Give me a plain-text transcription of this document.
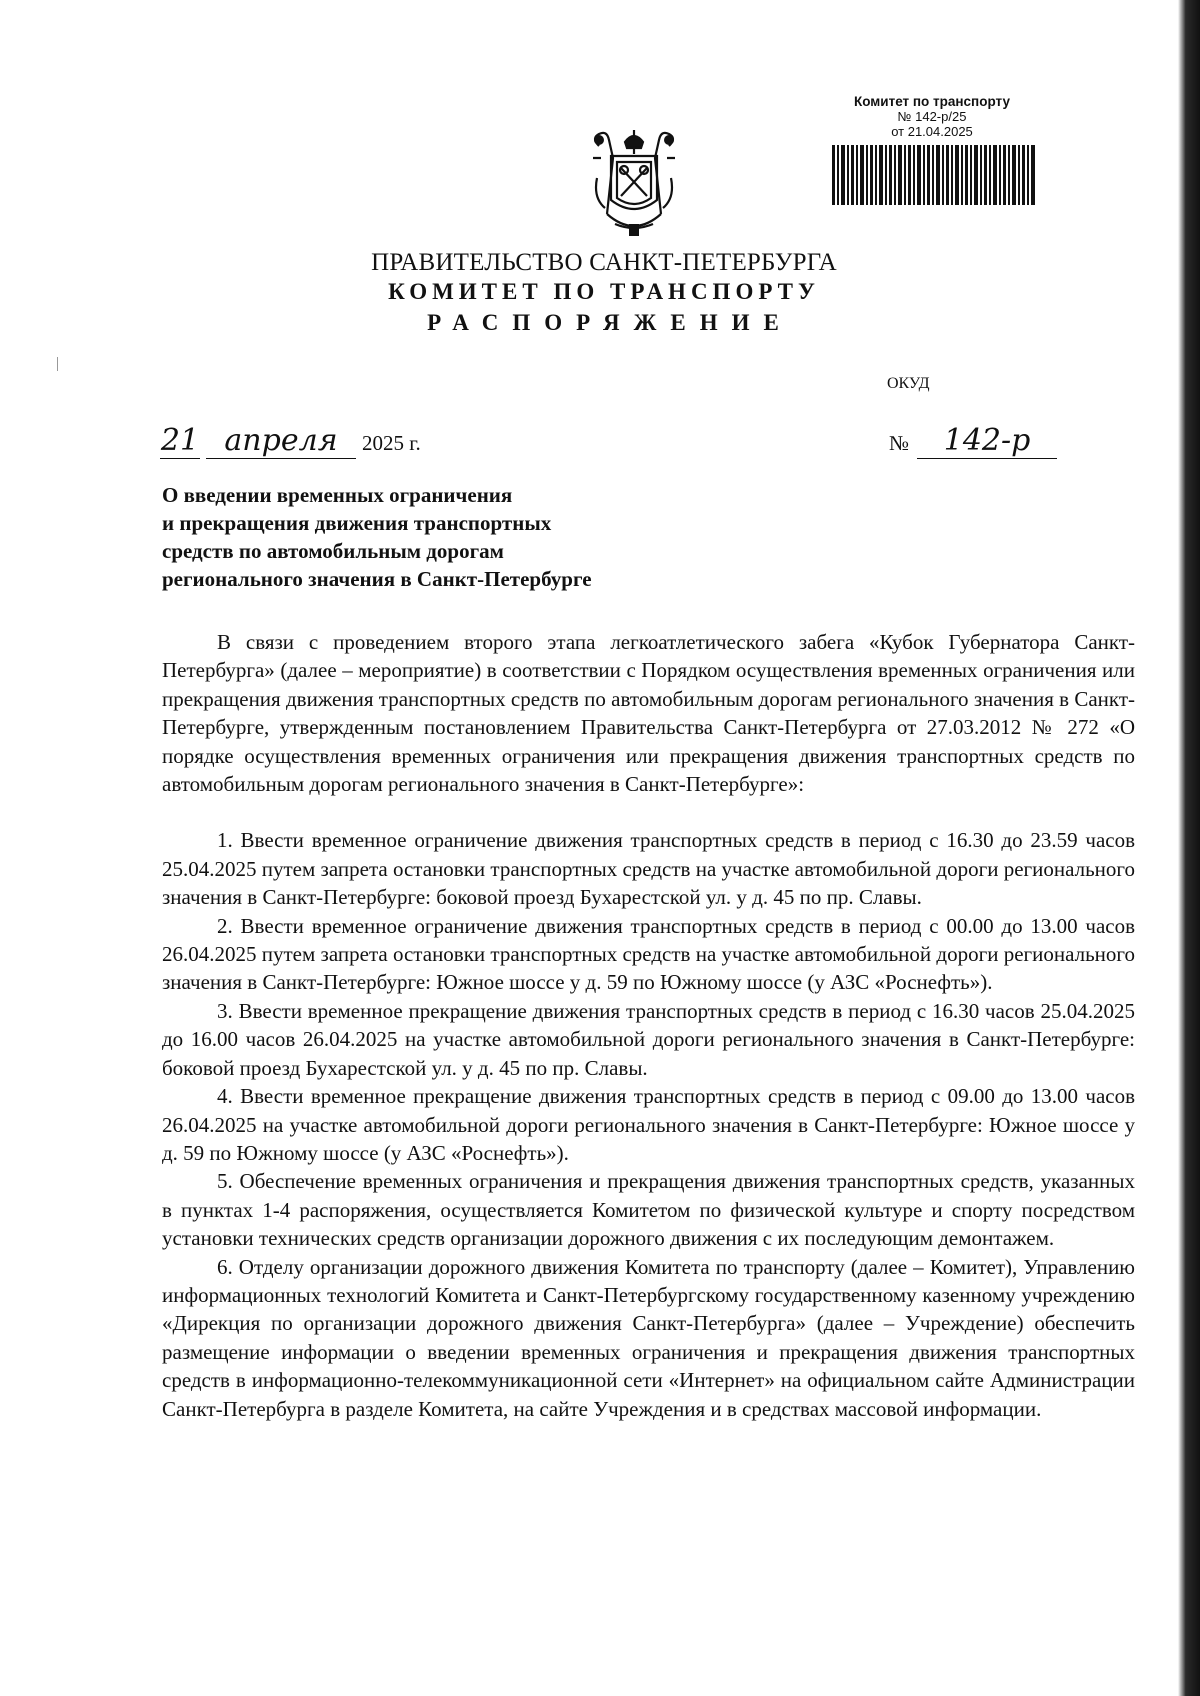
Комитет по транспорту
№ 142-р/25
от 21.04.2025
ПРАВИТЕЛЬСТВО САНКТ-ПЕТЕРБУРГА
КОМИТЕТ ПО ТРАНСПОРТУ
РАСПОРЯЖЕНИЕ
ОКУД
21 апреля 2025 г.	№ 142-р
О введении временных ограничения
и прекращения движения транспортных
средств по автомобильным дорогам
регионального значения в Санкт-Петербурге

В связи с проведением второго этапа легкоатлетического забега «Кубок Губернатора Санкт-Петербурга» (далее – мероприятие) в соответствии с Порядком осуществления временных ограничения или прекращения движения транспортных средств по автомобильным дорогам регионального значения в Санкт-Петербурге, утвержденным постановлением Правительства Санкт-Петербурга от 27.03.2012 № 272 «О порядке осуществления временных ограничения или прекращения движения транспортных средств по автомобильным дорогам регионального значения в Санкт-Петербурге»:

1. Ввести временное ограничение движения транспортных средств в период с 16.30 до 23.59 часов 25.04.2025 путем запрета остановки транспортных средств на участке автомобильной дороги регионального значения в Санкт-Петербурге: боковой проезд Бухарестской ул. у д. 45 по пр. Славы.

2. Ввести временное ограничение движения транспортных средств в период с 00.00 до 13.00 часов 26.04.2025 путем запрета остановки транспортных средств на участке автомобильной дороги регионального значения в Санкт-Петербурге: Южное шоссе у д. 59 по Южному шоссе (у АЗС «Роснефть»).

3. Ввести временное прекращение движения транспортных средств в период с 16.30 часов 25.04.2025 до 16.00 часов 26.04.2025 на участке автомобильной дороги регионального значения в Санкт-Петербурге: боковой проезд Бухарестской ул. у д. 45 по пр. Славы.

4. Ввести временное прекращение движения транспортных средств в период с 09.00 до 13.00 часов 26.04.2025 на участке автомобильной дороги регионального значения в Санкт-Петербурге: Южное шоссе у д. 59 по Южному шоссе (у АЗС «Роснефть»).

5. Обеспечение временных ограничения и прекращения движения транспортных средств, указанных в пунктах 1-4 распоряжения, осуществляется Комитетом по физической культуре и спорту посредством установки технических средств организации дорожного движения с их последующим демонтажем.

6. Отделу организации дорожного движения Комитета по транспорту (далее – Комитет), Управлению информационных технологий Комитета и Санкт-Петербургскому государственному казенному учреждению «Дирекция по организации дорожного движения Санкт-Петербурга» (далее – Учреждение) обеспечить размещение информации о введении временных ограничения и прекращения движения транспортных средств в информационно-телекоммуникационной сети «Интернет» на официальном сайте Администрации Санкт-Петербурга в разделе Комитета, на сайте Учреждения и в средствах массовой информации.
